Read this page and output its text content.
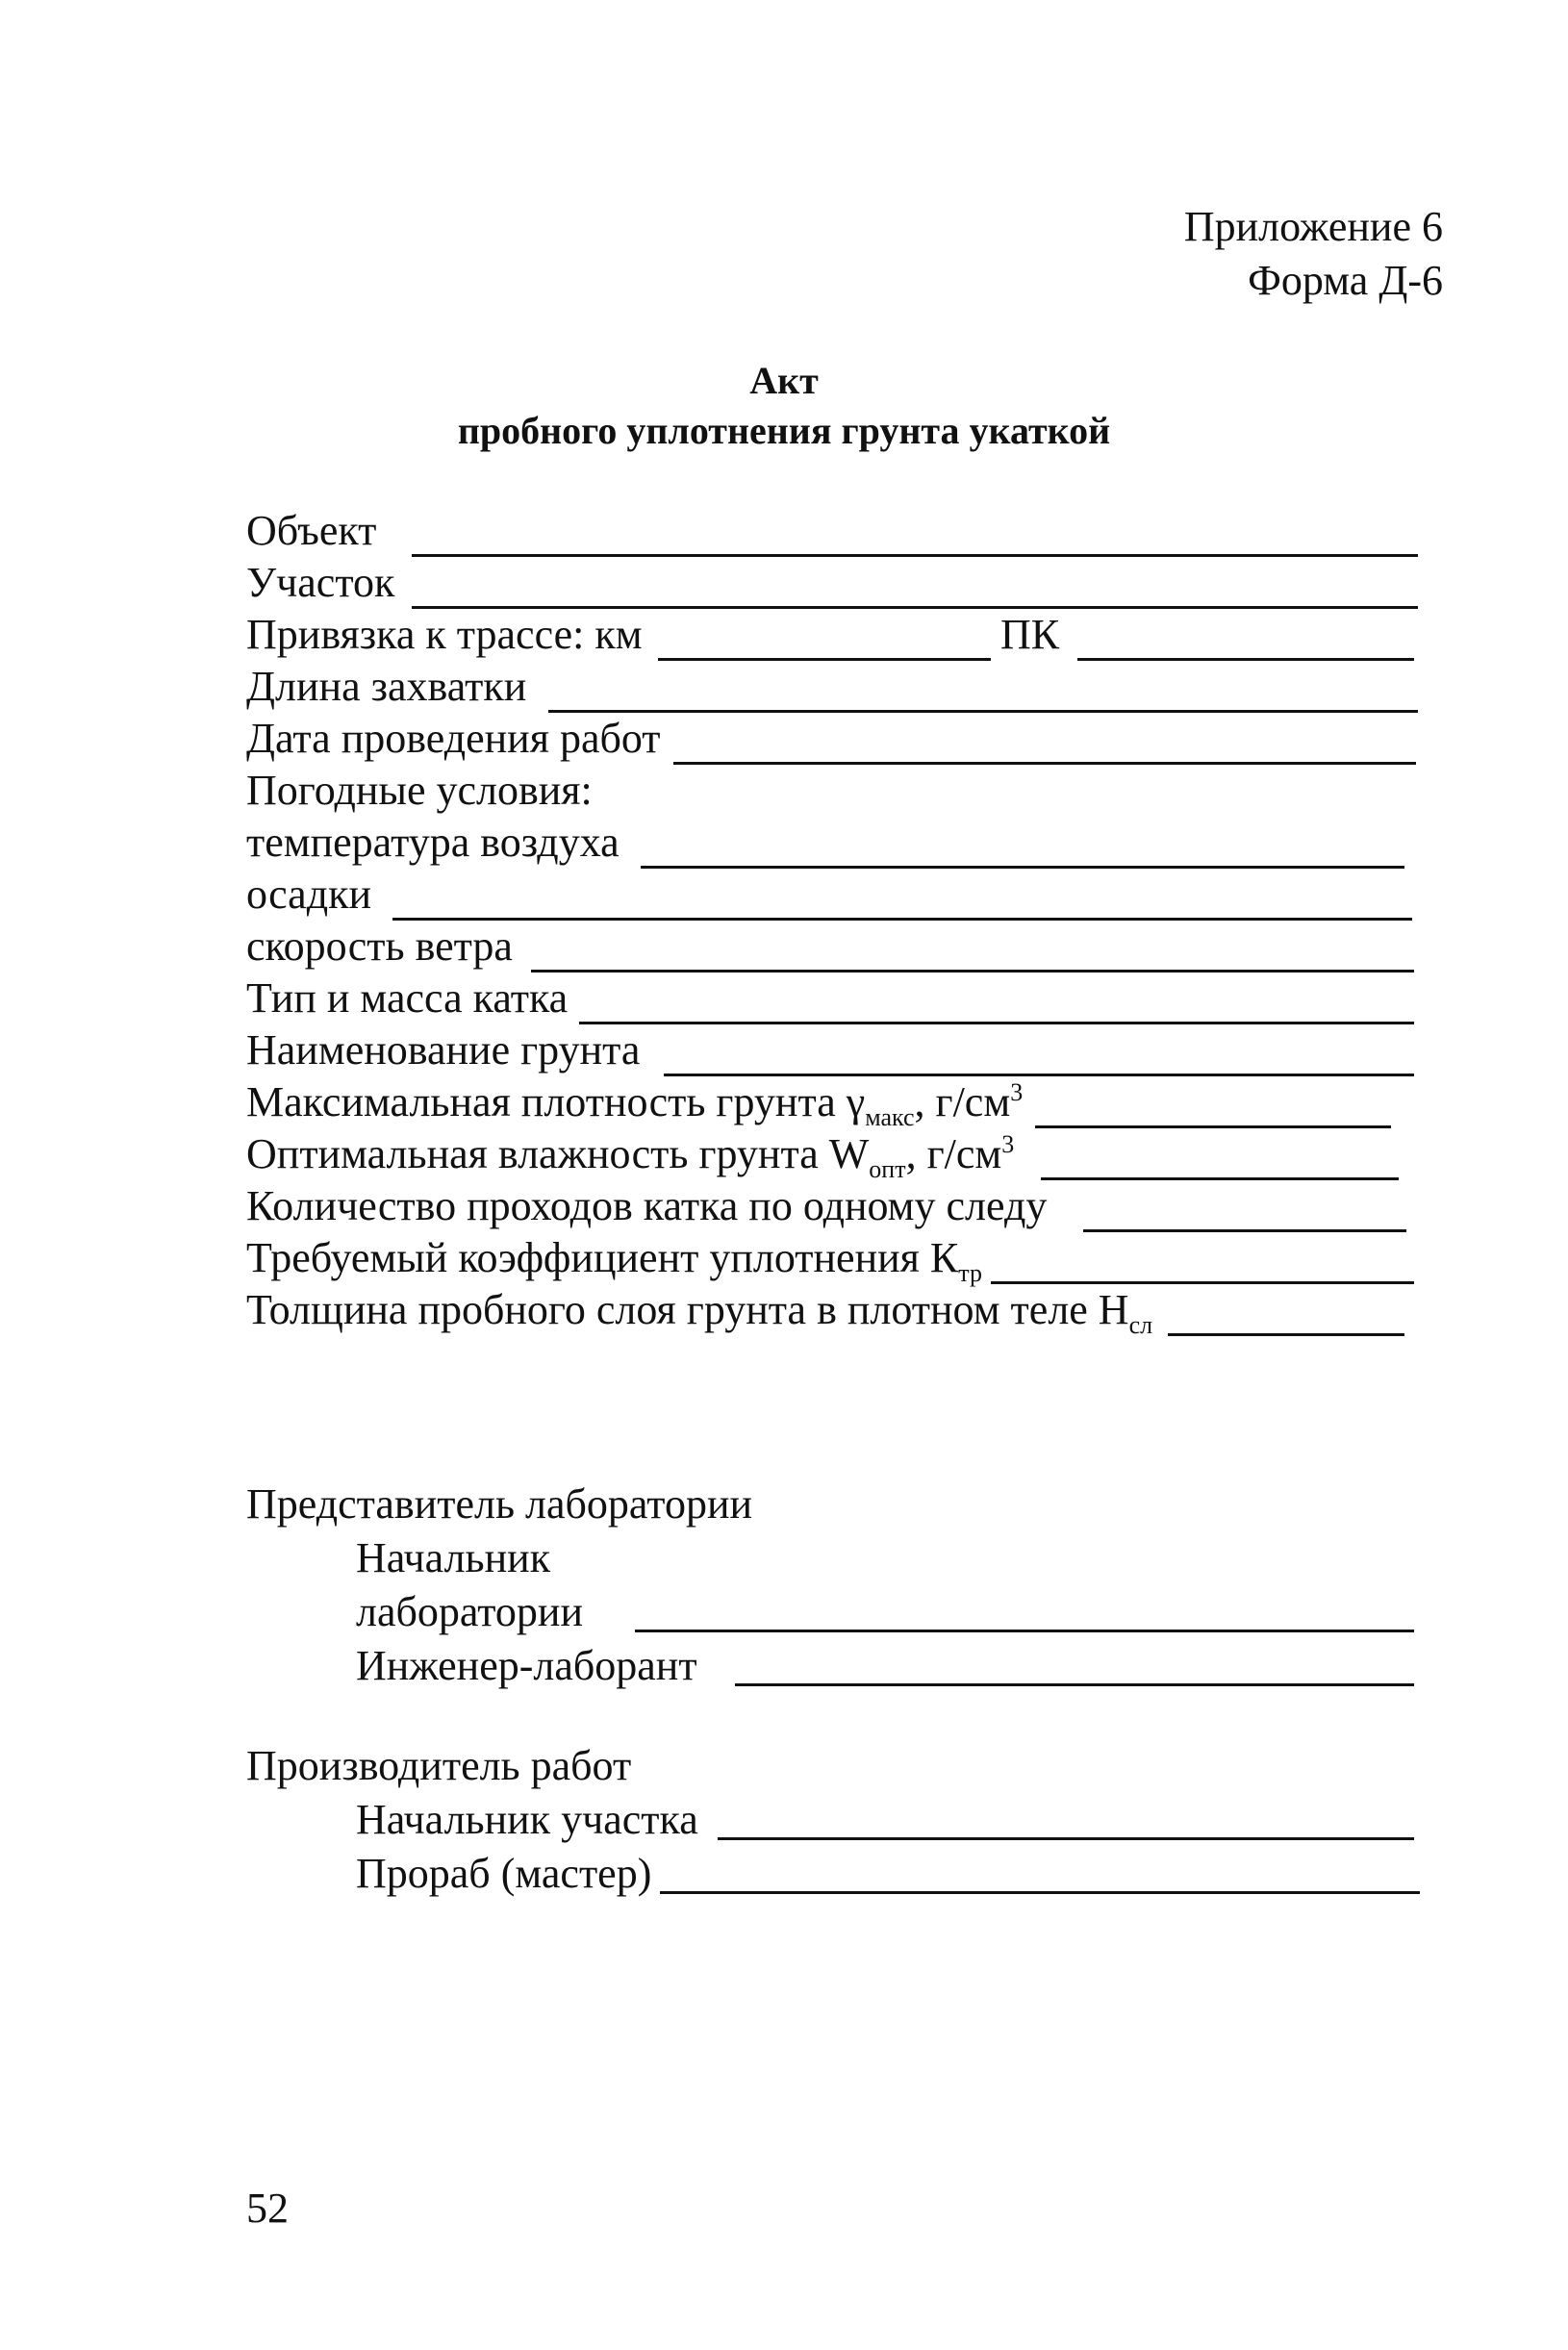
Приложение 6
Форма Д-6
Акт
пробного уплотнения грунта укаткой
Объект
Участок
Привязка к трассе: км	ПК
Длина захватки
Дата проведения работ
Погодные условия:
температура воздуха
осадки
скорость ветра
Тип и масса катка
Наименование грунта
Максимальная плотность грунта $\gamma_{макс}$, $г/см^3$
Оптимальная влажность грунта $W_{опт}$, $г/см^3$
Количество проходов катка по одному следу
Требуемый коэффициент уплотнения $К_{тр}$
Толщина пробного слоя грунта в плотном теле $Н_{сл}$
Представитель лаборатории
Начальник
лаборатории
Инженер-лаборант
Производитель работ
Начальник участка
Прораб (мастер)
52
